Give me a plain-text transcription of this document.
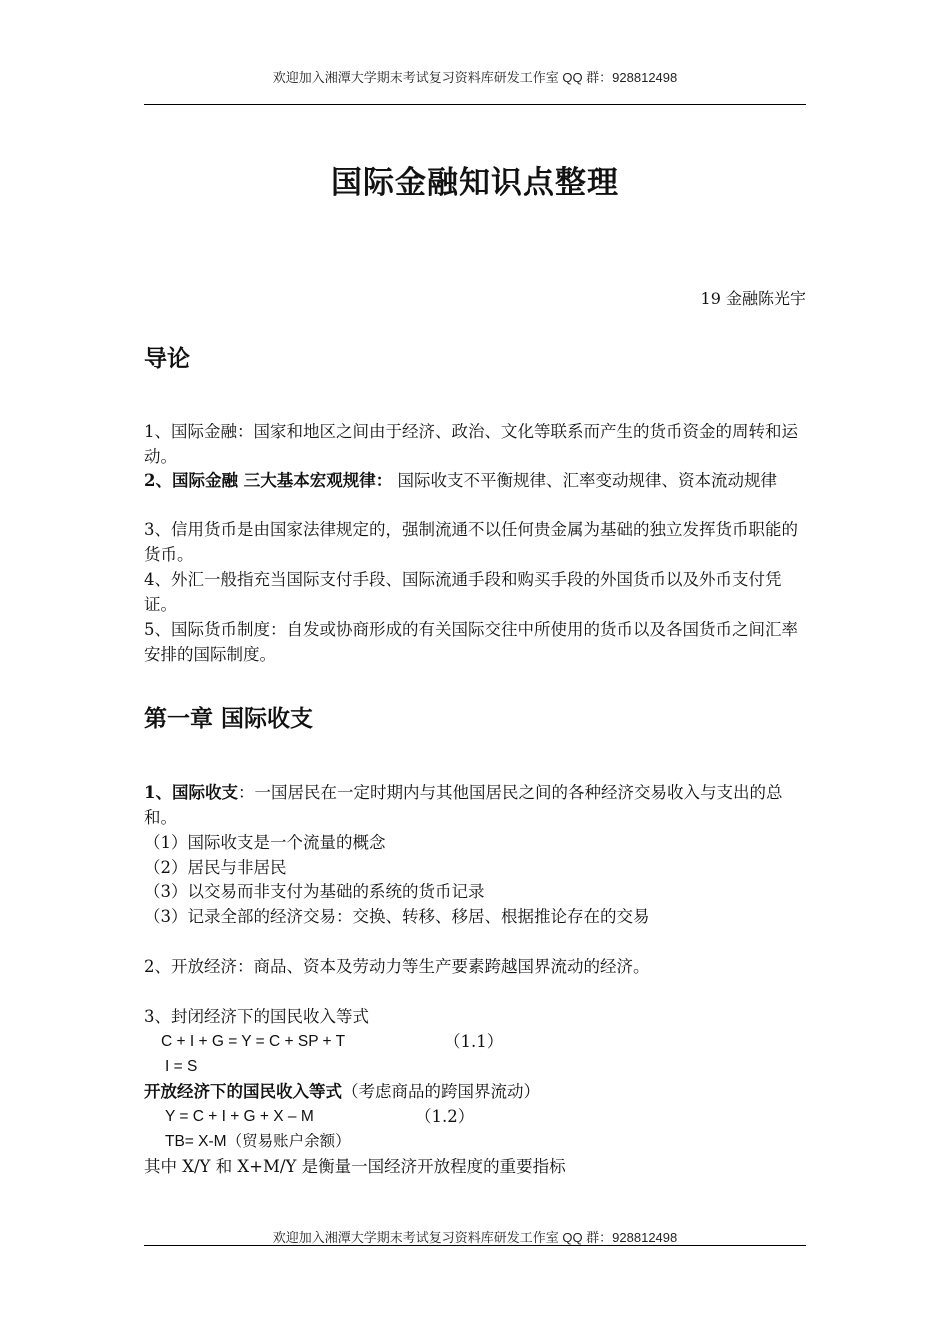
欢迎加入湘潭大学期末考试复习资料库研发工作室 QQ 群：928812498
国际金融知识点整理
19 金融陈光宇
导论
1、国际金融：国家和地区之间由于经济、政治、文化等联系而产生的货币资金的周转和运动。
2、国际金融 三大基本宏观规律： 国际收支不平衡规律、汇率变动规律、资本流动规律
3、信用货币是由国家法律规定的，强制流通不以任何贵金属为基础的独立发挥货币职能的货币。
4、外汇一般指充当国际支付手段、国际流通手段和购买手段的外国货币以及外币支付凭证。
5、国际货币制度：自发或协商形成的有关国际交往中所使用的货币以及各国货币之间汇率安排的国际制度。
第一章 国际收支
1、国际收支：一国居民在一定时期内与其他国居民之间的各种经济交易收入与支出的总和。
（1）国际收支是一个流量的概念
（2）居民与非居民
（3）以交易而非支付为基础的系统的货币记录
（3）记录全部的经济交易：交换、转移、移居、根据推论存在的交易
2、开放经济：商品、资本及劳动力等生产要素跨越国界流动的经济。
3、封闭经济下的国民收入等式
C + I + G = Y = C + SP + T	（1.1）
I = S
开放经济下的国民收入等式（考虑商品的跨国界流动）
Y = C + I + G + X – M	（1.2）
TB= X-M（贸易账户余额）
其中 X/Y 和 X+M/Y 是衡量一国经济开放程度的重要指标
欢迎加入湘潭大学期末考试复习资料库研发工作室 QQ 群：928812498
